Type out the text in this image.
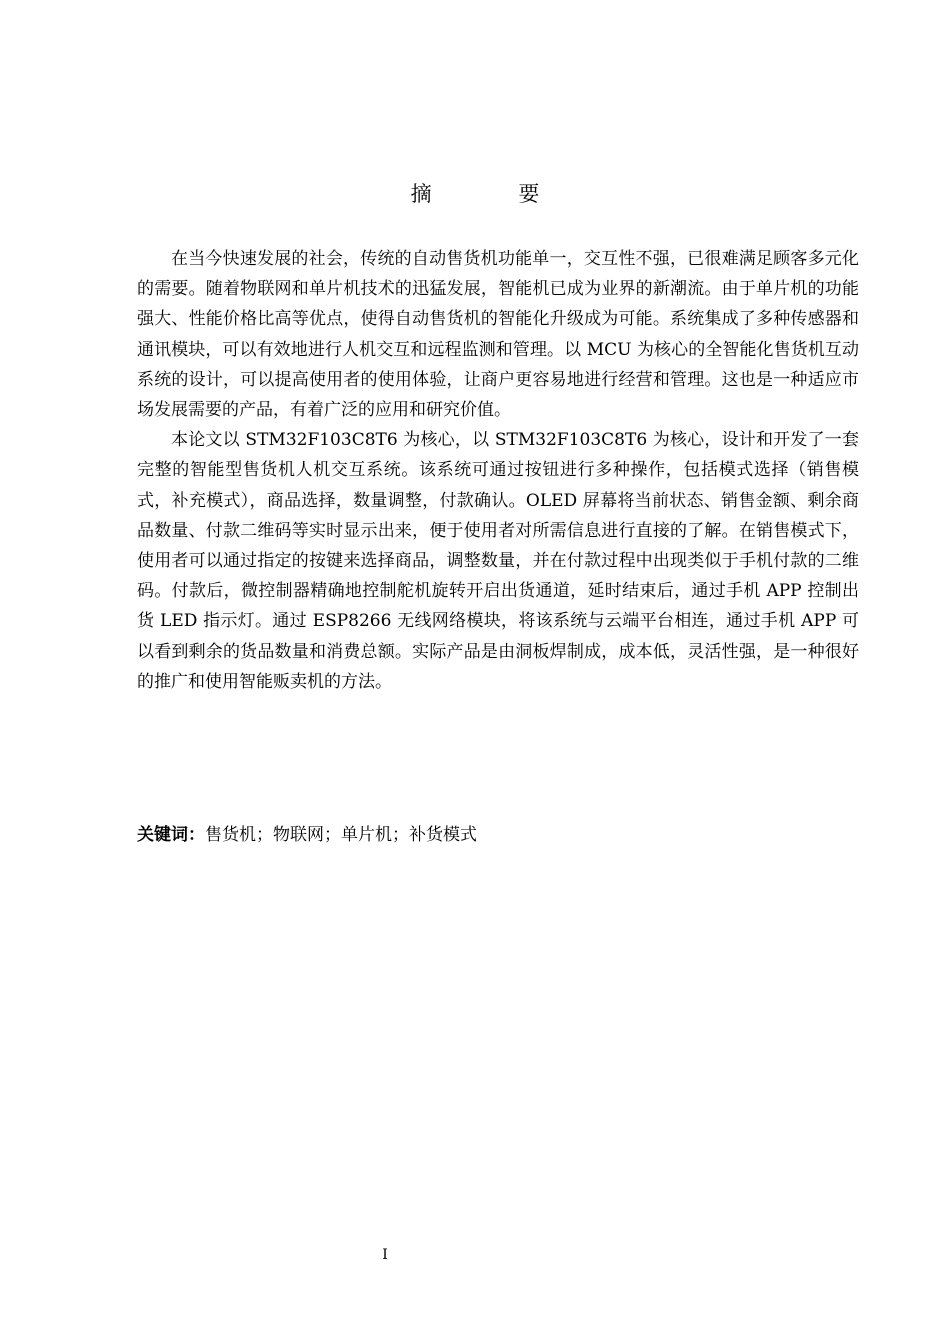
摘 要

在当今快速发展的社会，传统的自动售货机功能单一，交互性不强，已很难满足顾客多元化的需要。随着物联网和单片机技术的迅猛发展，智能机已成为业界的新潮流。由于单片机的功能强大、性能价格比高等优点，使得自动售货机的智能化升级成为可能。系统集成了多种传感器和通讯模块，可以有效地进行人机交互和远程监测和管理。以 MCU 为核心的全智能化售货机互动系统的设计，可以提高使用者的使用体验，让商户更容易地进行经营和管理。这也是一种适应市场发展需要的产品，有着广泛的应用和研究价值。

本论文以 STM32F103C8T6 为核心，以 STM32F103C8T6 为核心，设计和开发了一套完整的智能型售货机人机交互系统。该系统可通过按钮进行多种操作，包括模式选择（销售模式，补充模式），商品选择，数量调整，付款确认。OLED 屏幕将当前状态、销售金额、剩余商品数量、付款二维码等实时显示出来，便于使用者对所需信息进行直接的了解。在销售模式下，使用者可以通过指定的按键来选择商品，调整数量，并在付款过程中出现类似于手机付款的二维码。付款后，微控制器精确地控制舵机旋转开启出货通道，延时结束后，通过手机 APP 控制出货 LED 指示灯。通过 ESP8266 无线网络模块，将该系统与云端平台相连，通过手机 APP 可以看到剩余的货品数量和消费总额。实际产品是由洞板焊制成，成本低，灵活性强，是一种很好的推广和使用智能贩卖机的方法。

关键词：售货机；物联网；单片机；补货模式
I
